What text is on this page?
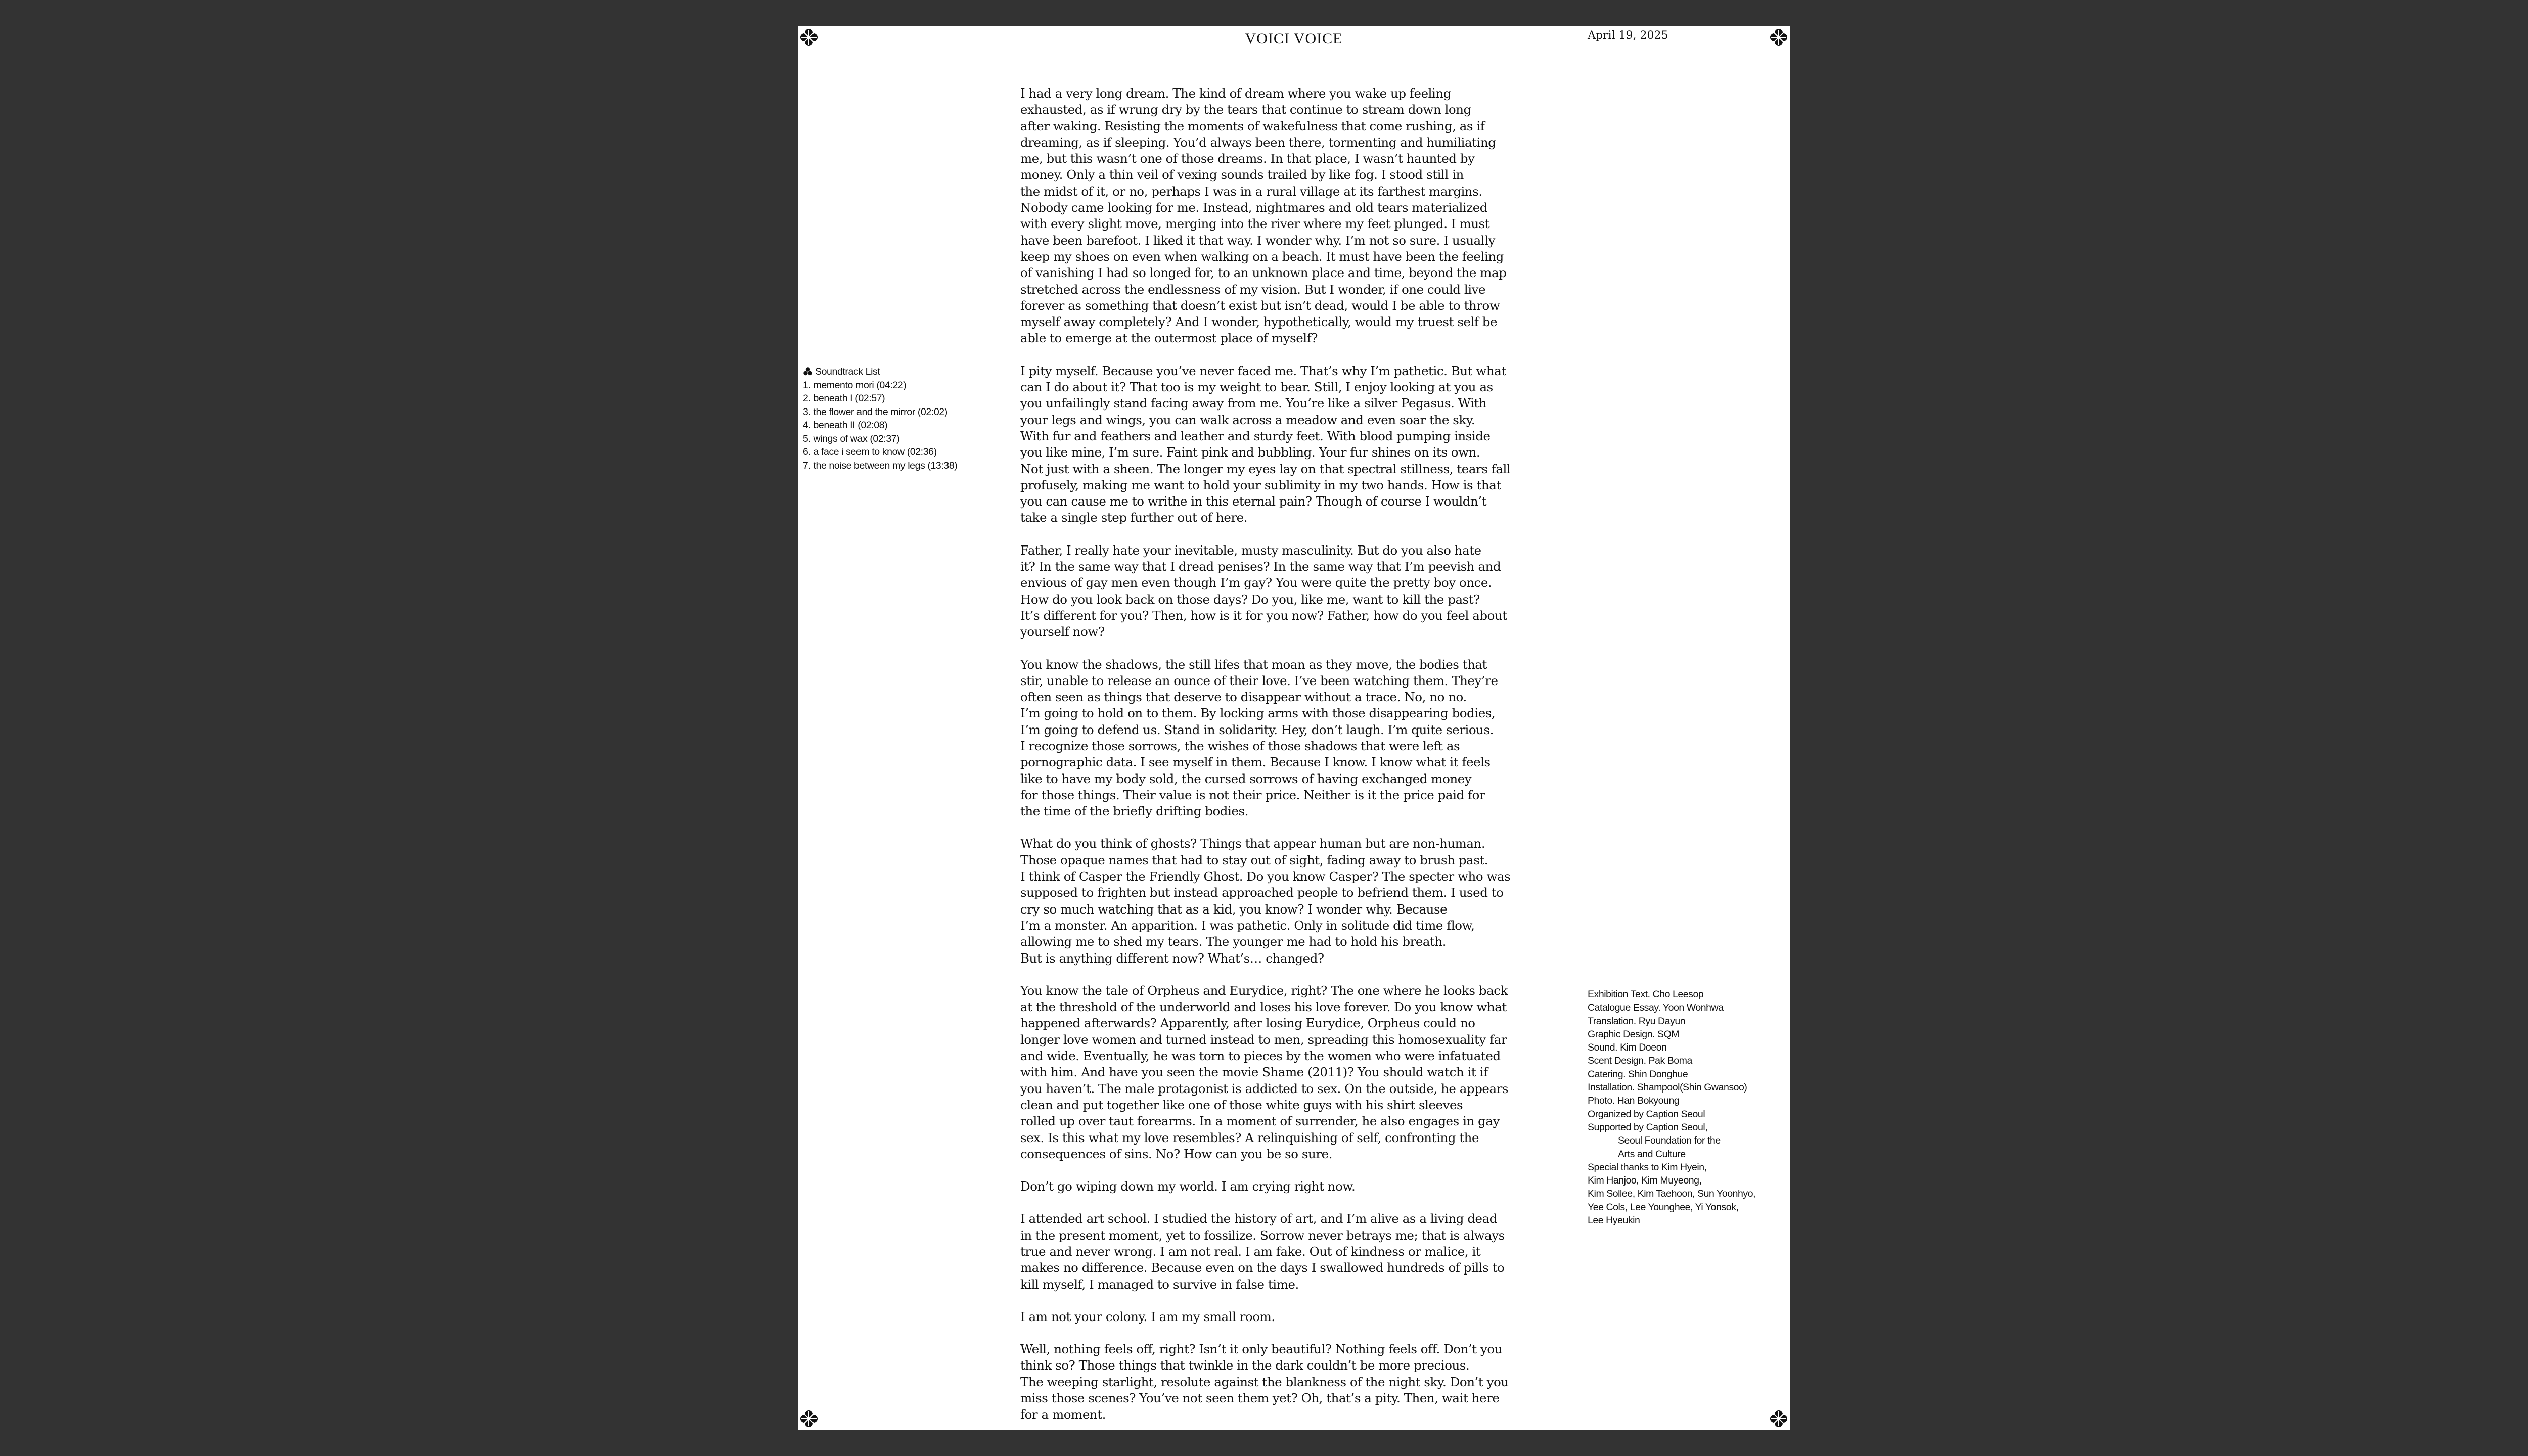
VOICI VOICE	April 19, 2025
Soundtrack List
1. memento mori (04:22)
2. beneath I (02:57)
3. the flower and the mirror (02:02)
4. beneath II (02:08)
5. wings of wax (02:37)
6. a face i seem to know (02:36)
7. the noise between my legs (13:38)

I had a very long dream. The kind of dream where you wake up feeling
exhausted, as if wrung dry by the tears that continue to stream down long
after waking. Resisting the moments of wakefulness that come rushing, as if
dreaming, as if sleeping. You’d always been there, tormenting and humiliating
me, but this wasn’t one of those dreams. In that place, I wasn’t haunted by
money. Only a thin veil of vexing sounds trailed by like fog. I stood still in
the midst of it, or no, perhaps I was in a rural village at its farthest margins.
Nobody came looking for me. Instead, nightmares and old tears materialized
with every slight move, merging into the river where my feet plunged. I must
have been barefoot. I liked it that way. I wonder why. I’m not so sure. I usually
keep my shoes on even when walking on a beach. It must have been the feeling
of vanishing I had so longed for, to an unknown place and time, beyond the map
stretched across the endlessness of my vision. But I wonder, if one could live
forever as something that doesn’t exist but isn’t dead, would I be able to throw
myself away completely? And I wonder, hypothetically, would my truest self be
able to emerge at the outermost place of myself?

I pity myself. Because you’ve never faced me. That’s why I’m pathetic. But what
can I do about it? That too is my weight to bear. Still, I enjoy looking at you as
you unfailingly stand facing away from me. You’re like a silver Pegasus. With
your legs and wings, you can walk across a meadow and even soar the sky.
With fur and feathers and leather and sturdy feet. With blood pumping inside
you like mine, I’m sure. Faint pink and bubbling. Your fur shines on its own.
Not just with a sheen. The longer my eyes lay on that spectral stillness, tears fall
profusely, making me want to hold your sublimity in my two hands. How is that
you can cause me to writhe in this eternal pain? Though of course I wouldn’t
take a single step further out of here.

Father, I really hate your inevitable, musty masculinity. But do you also hate
it? In the same way that I dread penises? In the same way that I’m peevish and
envious of gay men even though I’m gay? You were quite the pretty boy once.
How do you look back on those days? Do you, like me, want to kill the past?
It’s different for you? Then, how is it for you now? Father, how do you feel about
yourself now?

You know the shadows, the still lifes that moan as they move, the bodies that
stir, unable to release an ounce of their love. I’ve been watching them. They’re
often seen as things that deserve to disappear without a trace. No, no no.
I’m going to hold on to them. By locking arms with those disappearing bodies,
I’m going to defend us. Stand in solidarity. Hey, don’t laugh. I’m quite serious.
I recognize those sorrows, the wishes of those shadows that were left as
pornographic data. I see myself in them. Because I know. I know what it feels
like to have my body sold, the cursed sorrows of having exchanged money
for those things. Their value is not their price. Neither is it the price paid for
the time of the briefly drifting bodies.

What do you think of ghosts? Things that appear human but are non-human.
Those opaque names that had to stay out of sight, fading away to brush past.
I think of Casper the Friendly Ghost. Do you know Casper? The specter who was
supposed to frighten but instead approached people to befriend them. I used to
cry so much watching that as a kid, you know? I wonder why. Because
I’m a monster. An apparition. I was pathetic. Only in solitude did time flow,
allowing me to shed my tears. The younger me had to hold his breath.
But is anything different now? What’s… changed?

You know the tale of Orpheus and Eurydice, right? The one where he looks back
at the threshold of the underworld and loses his love forever. Do you know what
happened afterwards? Apparently, after losing Eurydice, Orpheus could no
longer love women and turned instead to men, spreading this homosexuality far
and wide. Eventually, he was torn to pieces by the women who were infatuated
with him. And have you seen the movie Shame (2011)? You should watch it if
you haven’t. The male protagonist is addicted to sex. On the outside, he appears
clean and put together like one of those white guys with his shirt sleeves
rolled up over taut forearms. In a moment of surrender, he also engages in gay
sex. Is this what my love resembles? A relinquishing of self, confronting the
consequences of sins. No? How can you be so sure.

Don’t go wiping down my world. I am crying right now.

I attended art school. I studied the history of art, and I’m alive as a living dead
in the present moment, yet to fossilize. Sorrow never betrays me; that is always
true and never wrong. I am not real. I am fake. Out of kindness or malice, it
makes no difference. Because even on the days I swallowed hundreds of pills to
kill myself, I managed to survive in false time.

I am not your colony. I am my small room.

Well, nothing feels off, right? Isn’t it only beautiful? Nothing feels off. Don’t you
think so? Those things that twinkle in the dark couldn’t be more precious.
The weeping starlight, resolute against the blankness of the night sky. Don’t you
miss those scenes? You’ve not seen them yet? Oh, that’s a pity. Then, wait here
for a moment.

Exhibition Text. Cho Leesop
Catalogue Essay. Yoon Wonhwa
Translation. Ryu Dayun
Graphic Design. SQM
Sound. Kim Doeon
Scent Design. Pak Boma
Catering. Shin Donghue
Installation. Shampool(Shin Gwansoo)
Photo. Han Bokyoung
Organized by Caption Seoul
Supported by Caption Seoul,
Seoul Foundation for the
Arts and Culture
Special thanks to Kim Hyein,
Kim Hanjoo, Kim Muyeong,
Kim Sollee, Kim Taehoon, Sun Yoonhyo,
Yee Cols, Lee Younghee, Yi Yonsok,
Lee Hyeukin
